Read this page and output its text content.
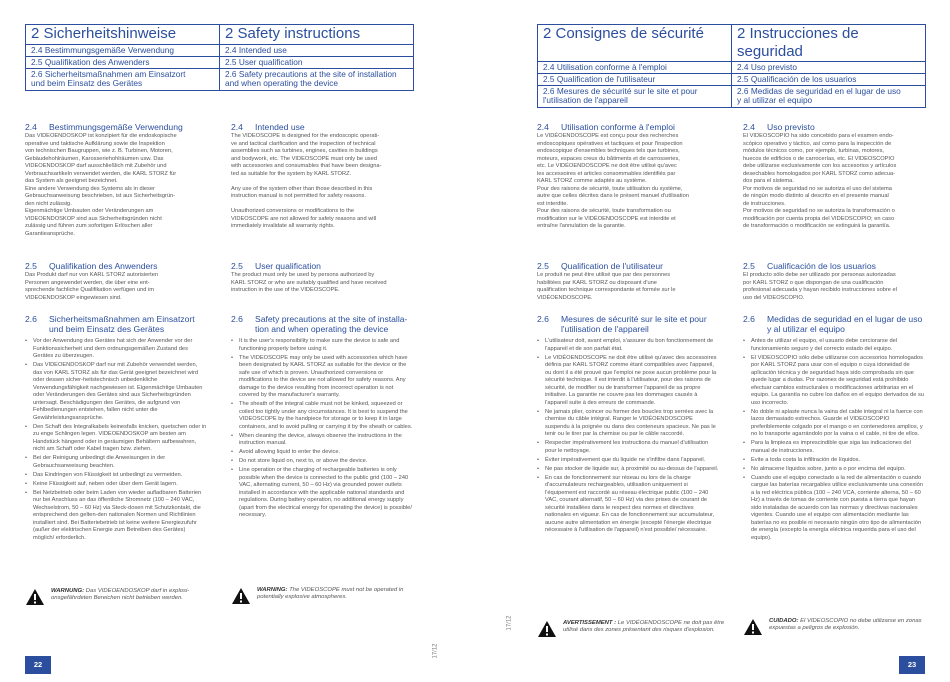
2 Sicherheitshinweise	2 Safety instructions
2.4 Bestimmungsgemäße Verwendung	2.4 Intended use
2.5 Qualifikation des Anwenders	2.5 User qualification
2.6 Sicherheitsmaßnahmen am Einsatzort
und beim Einsatz des Gerätes	2.6 Safety precautions at the site of installation
and when operating the device
2 Consignes de sécurité	2 Instrucciones de seguridad
2.4 Utilisation conforme à l'emploi	2.4 Uso previsto
2.5 Qualification de l'utilisateur	2.5 Qualificación de los usuarios
2.6 Mesures de sécurité sur le site et pour
l'utilisation de l'appareil	2.6 Medidas de seguridad en el lugar de uso
y al utilizar el equipo
2.4	Bestimmungsgemäße Verwendung
Das VIDEOENDOSKOP ist konzipiert für die endoskopische
operative und taktische Aufklärung sowie die Inspektion
von technischen Baugruppen, wie z. B. Turbinen, Motoren,
Gebäudehohlräumen, Karosseriehohlräumen usw. Das
VIDEOENDOSKOP darf ausschließlich mit Zubehör und
Verbrauchsartikeln verwendet werden, die KARL STORZ für
das System als geeignet bezeichnet.
Eine andere Verwendung des Systems als in dieser
Gebrauchsanweisung beschrieben, ist aus Sicherheitsgrün-
den nicht zulässig.
Eigenmächtige Umbauten oder Veränderungen am
VIDEOENDOSKOP sind aus Sicherheitsgründen nicht
zulässig und führen zum sofortigen Erlöschen aller
Garantieansprüche.
2.5	Qualifikation des Anwenders
Das Produkt darf nur von KARL STORZ autorisierten
Personen angewendet werden, die über eine ent-
sprechende fachliche Qualifikation verfügen und im
VIDEOENDOSKOP eingewiesen sind.
2.6	Sicherheitsmaßnahmen am Einsatzort
und beim Einsatz des Gerätes
• Vor der Anwendung des Gerätes hat sich der Anwender vor der Funktionssicherheit und dem ordnungsgemäßen Zustand des Gerätes zu überzeugen.
• Das VIDEOENDOSKOP darf nur mit Zubehör verwendet werden, das von KARL STORZ als für das Gerät geeignet bezeichnet wird oder dessen sicher-heitstechnisch unbedenkliche Verwendungsfähigkeit nachgewiesen ist. Eigenmächtige Umbauten oder Veränderungen des Gerätes sind aus Sicherheitsgründen untersagt. Beschädigungen des Gerätes, die aufgrund von Fehlbedienungen entstehen, fallen nicht unter die Gewährleistungsansprüche.
• Den Schaft des Integralkabels keinesfalls knicken, quetschen oder in zu enge Schlingen legen. VIDEOENDOSKOP am besten am Handstück hängend oder in geräumigen Behältern aufbewahren, nicht am Schaft oder Kabel tragen bzw. ziehen.
• Bei der Reinigung unbedingt die Anweisungen in der Gebrauchsanweisung beachten.
• Das Eindringen von Flüssigkeit ist unbedingt zu vermeiden.
• Keine Flüssigkeit auf, neben oder über dem Gerät lagern.
• Bei Netzbetrieb oder beim Laden von wieder aufladbaren Batterien nur bei Anschluss an das öffentliche Stromnetz (100 – 240 VAC, Wechselstrom, 50 – 60 Hz) via Steck-dosen mit Schutzkontakt, die entsprechend den gelten-den nationalen Normen und Richtlinien installiert sind. Bei Batteriebetrieb ist keine weitere Energiezufuhr (außer der elektrischen Energie zum Betreiben des Gerätes) möglich/ erforderlich.
WARNUNG: Das VIDEOENDOSKOP darf in explosi-onsgefährdeten Bereichen nicht betrieben werden.
2.4	Intended use
The VIDEOSCOPE is designed for the endoscopic operati-
ve and tactical clarification and the inspection of technical
assemblies such as turbines, engines, cavities in buildings
and bodywork, etc. The VIDEOSCOPE must only be used
with accessories and consumables that have been designa-
ted as suitable for the system by KARL STORZ.

Any use of the system other than those described in this
instruction manual is not permitted for safety reasons.

Unauthorized conversions or modifications to the
VIDEOSCOPE are not allowed for safety reasons and will
immediately invalidate all warranty rights.
2.5	User qualification
The product must only be used by persons authorized by
KARL STORZ or who are suitably qualified and have received
instruction in the use of the VIDEOSCOPE.
2.6	Safety precautions at the site of installa-
tion and when operating the device
• It is the user's responsibility to make sure the device is safe and functioning properly before using it.
• The VIDEOSCOPE may only be used with accessories which have been designated by KARL STORZ as suitable for the device or the safe use of which is proven. Unauthorized conversions or modifications to the device are not allowed for safety reasons. Any damage to the device resulting from incorrect operation is not covered by the manufacturer's warranty.
• The sheath of the integral cable must not be kinked, squeezed or coiled too tightly under any circumstances. It is best to suspend the VIDEOSCOPE by the handpiece for storage or to keep it in large containers, and to avoid pulling or carrying it by the sheath or cables.
• When cleaning the device, always observe the instructions in the instruction manual.
• Avoid allowing liquid to enter the device.
• Do not store liquid on, next to, or above the device.
• Line operation or the charging of rechargeable batteries is only possible when the device is connected to the public grid (100 – 240 VAC, alternating current, 50 – 60 Hz) via grounded power outlets installed in accordance with the applicable national standards and regulations. During battery operation, no additional energy supply (apart from the electrical energy for operating the device) is possible/ necessary.
WARNING: The VIDEOSCOPE must not be operated in potentially explosive atmospheres.
2.4	Utilisation conforme à l'emploi
Le VIDÉOENDOSCOPE est conçu pour des recherches
endoscopiques opératives et tactiques et pour l'inspection
endoscopique d'ensembles techniques tels que turbines,
moteurs, espaces creux du bâtiments et de carrosseries,
etc. Le VIDÉOENDOSCOPE ne doit être utilisé qu'avec
les accessoires et articles consommables identifiés par
KARL STORZ comme adaptés au système.
Pour des raisons de sécurité, toute utilisation du système,
autre que celles décrites dans le présent manuel d'utilisation
est interdite.
Pour des raisons de sécurité, toute transformation ou
modification sur le VIDÉOENDOSCOPE est interdite et
entraîne l'annulation de la garantie.
2.5	Qualification de l'utilisateur
Le produit ne peut être utilisé que par des personnes
habilitées par KARL STORZ ou disposant d'une
qualification technique correspondante et formée sur le
VIDÉOENDOSCOPE.
2.6	Mesures de sécurité sur le site et pour
l'utilisation de l'appareil
• L'utilisateur doit, avant emploi, s'assurer du bon fonctionnement de l'appareil et de son parfait état.
• Le VIDÉOENDOSCOPE ne doit être utilisé qu'avec des accessoires définis par KARL STORZ comme étant compatibles avec l'appareil, ou dont il a été prouvé que l'emploi ne pose aucun problème pour la sécurité technique. Il est interdit à l'utilisateur, pour des raisons de sécurité, de modifier ou de transformer l'appareil de sa propre initiative. La garantie ne couvre pas les dommages causés à l'appareil suite à des erreurs de commande.
• Ne jamais plier, coincer ou former des boucles trop serrées avec la chemise du câble intégral. Ranger le VIDÉOENDOSCOPE suspendu à la poignée ou dans des conteneurs spacieux. Ne pas le tenir ou le tirer par la chemise ou par le câble raccordé.
• Respecter impérativement les instructions du manuel d'utilisation pour le nettoyage.
• Éviter impérativement que du liquide ne s'infiltre dans l'appareil.
• Ne pas stocker de liquide sur, à proximité ou au-dessus de l'appareil.
• En cas de fonctionnement sur réseau ou lors de la charge d'accumulateurs rechargeables, utilisation uniquement si l'équipement est raccordé au réseau électrique public (100 – 240 VAC, courant alternatif, 50 – 60 Hz) via des prises de courant de sécurité installées dans le respect des normes et directives nationales en vigueur. En cas de fonctionnement sur accumulateur, aucune autre alimentation en énergie (excepté l'énergie électrique nécessaire à l'utilisation de l'appareil) n'est possible/ nécessaire.
AVERTISSEMENT : Le VIDÉOENDOSCOPE ne doit pas être utilisé dans des zones présentant des risques d'explosion.
2.4	Uso previsto
El VIDEOSCOPIO ha sido concebido para el examen endo-
scópico operativo y táctico, así como para la inspección de
módulos técnicos como, por ejemplo, turbinas, motores,
huecos de edificios o de carrocerías, etc. El VIDEOSCOPIO
debe utilizarse exclusivamente con los accesorios y artículos
desechables homologados por KARL STORZ como adecua-
dos para el sistema.
Por motivos de seguridad no se autoriza el uso del sistema
de ningún modo distinto al descrito en el presente manual
de instrucciones.
Por motivos de seguridad no se autoriza la transformación o
modificación por cuenta propia del VIDEOSCOPIO; en caso
de transformación o modificación se extinguirá la garantía.
2.5	Cualificación de los usuarios
El producto sólo debe ser utilizado por personas autorizadas
por KARL STORZ o que dispongan de una cualificación
profesional adecuada y hayan recibido instrucciones sobre el
uso del VIDEOSCOPIO.
2.6	Medidas de seguridad en el lugar de uso
y al utilizar el equipo
• Antes de utilizar el equipo, el usuario debe cerciorarse del funcionamiento seguro y del correcto estado del equipo.
• El VIDEOSCOPIO sólo debe utilizarse con accesorios homologados por KARL STORZ para usar con el equipo o cuya idoneidad de aplicación técnica y de seguridad haya sido comprobada sin que quede lugar a dudas. Por razones de seguridad está prohibido efectuar cambios estructurales o modificaciones arbitrarias en el equipo. La garantía no cubre los daños en el equipo derivados de su uso incorrecto.
• No doble ni aplaste nunca la vaina del cable integral ni la fuerce con lazos demasiado estrechos. Guarde el VIDEOSCOPIO preferiblemente colgado por el mango o en contenedores amplios, y no lo transporte agarrándolo por la vaina o el cable, ni tire de ellos.
• Para la limpieza es imprescindible que siga las indicaciones del manual de instrucciones.
• Evite a toda costa la infiltración de líquidos.
• No almacene líquidos sobre, junto a o por encima del equipo.
• Cuando use el equipo conectado a la red de alimentación o cuando cargue las baterías recargables utilice exclusivamente una conexión a la red eléctrica pública (100 – 240 VCA, corriente alterna, 50 – 60 Hz) a través de tomas de corriente con puesta a tierra que hayan sido instaladas de acuerdo con las normas y directivas nacionales vigentes. Cuando use el equipo con alimentación mediante las baterías no es posible ni necesario ningún otro tipo de alimentación de energía (excepto la energía eléctrica requerida para el uso del equipo).
CUIDADO: El VIDEOSCOPIO no debe utilizarse en zonas expuestas a peligros de explosión.
17/12
17/12
22	23
